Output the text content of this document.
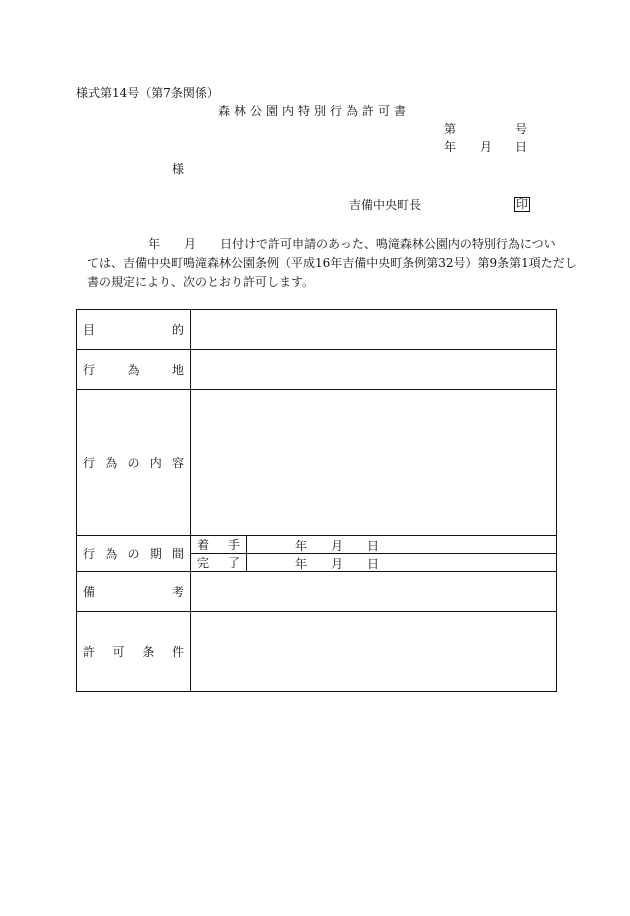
様式第14号（第7条関係）
森林公園内特別行為許可書
第	号
年 月 日
様
吉備中央町長	印
年　　月　　日付けで許可申請のあった、鳴滝森林公園内の特別行為につい
ては、吉備中央町鳴滝森林公園条例（平成16年吉備中央町条例第32号）第9条第1項ただし
書の規定により、次のとおり許可します。
目 的		

行 為 地		

行 為 の 内 容		

行 為 の 期 間	着 手	年 月 日

	完 了	年 月 日

備 考		

許 可 条 件		
